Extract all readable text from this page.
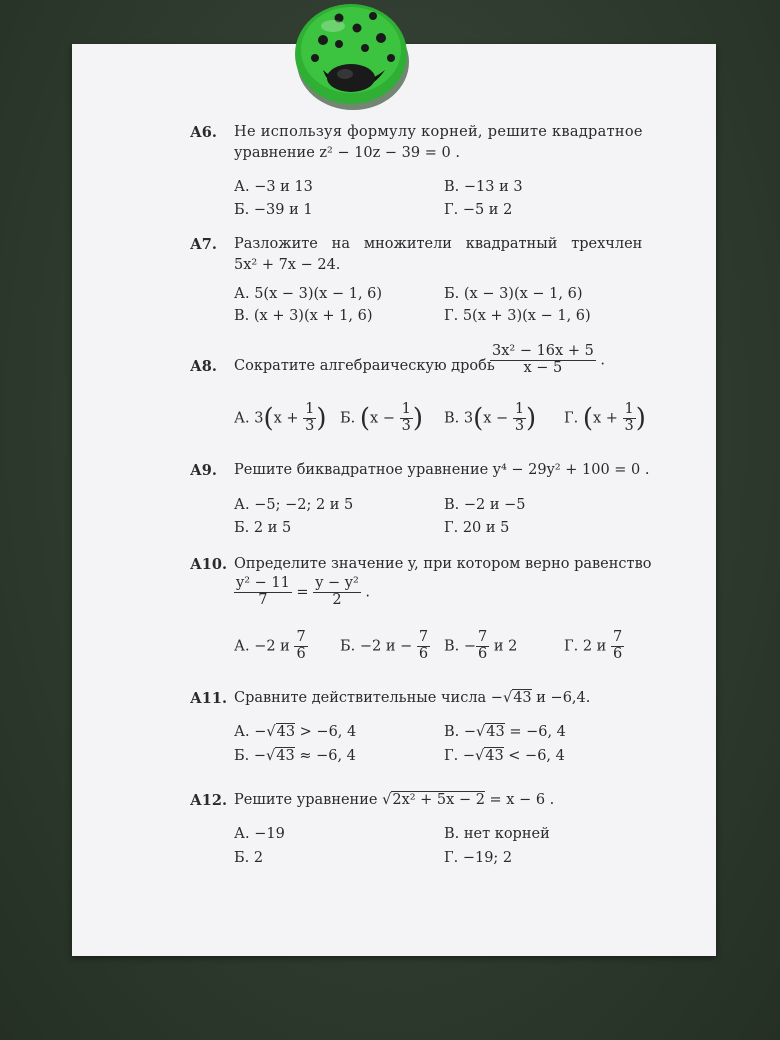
А6. Не используя формулу корней, решите квадратное
уравнение z² − 10z − 39 = 0 .
А. −3 и 13	В. −13 и 3
Б. −39 и 1	Г. −5 и 2
А7. Разложите   на   множители   квадратный   трехчлен
5x² + 7x − 24.
А. 5(x − 3)(x − 1, 6)	Б. (x − 3)(x − 1, 6)
В. (x + 3)(x + 1, 6)	Г. 5(x + 3)(x − 1, 6)
А8. Сократите алгебраическую дробь
$\frac{\text{3x² − 16x + 5}}{x - 5}$ .
А. $3(x + \frac{1}{3}$ ) Б. ($x - \frac{1}{3}$ ) В. $3(x - \frac{1}{3}$ ) Г. ($x + \frac{1}{3}$ )
А9. Решите биквадратное уравнение y⁴ − 29y² + 100 = 0 .
А. −5; −2; 2 и 5	В. −2 и −5
Б. 2 и 5	Г. 20 и 5
А10. Определите значение y, при котором верно равенство
$\frac{\text{y² − 11}}{7} = \frac{\text{y − y²}}{2}$ .
А. −2 и $\frac{7}{6} Б$. −2 $и - \frac{7}{6} В$. − $\frac{7}{6}$ и 2	Г. 2 и $\frac{7}{6}$
А11. Сравните действительные числа −√43 и −6,4.
А. −√43 > −6, 4	В. −√43 = −6, 4
Б. −√43 ≈ −6, 4	Г. −√43 < −6, 4
А12. Решите уравнение √2x² + 5x − 2 = x − 6 .
А. −19	В. нет корней
Б. 2	Г. −19; 2
